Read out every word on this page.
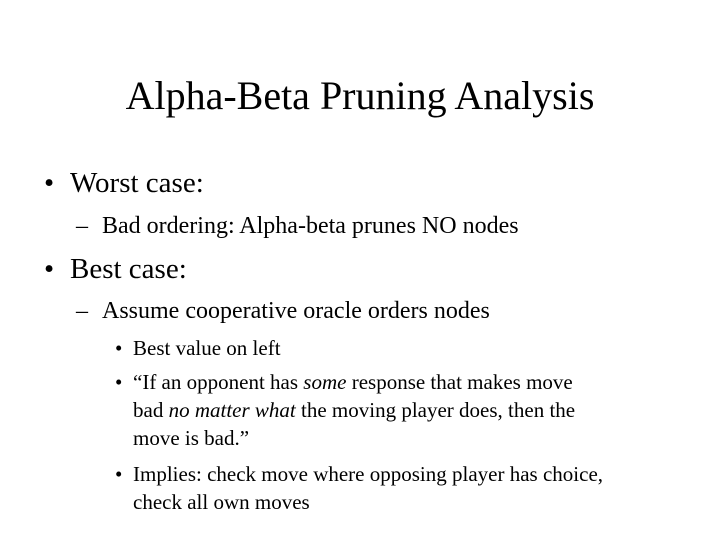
Alpha-Beta Pruning Analysis
• Worst case:
– Bad ordering: Alpha-beta prunes NO nodes
• Best case:
– Assume cooperative oracle orders nodes
• Best value on left
• “If an opponent has some response that makes move
bad no matter what the moving player does, then the
move is bad.”
• Implies: check move where opposing player has choice,
check all own moves
